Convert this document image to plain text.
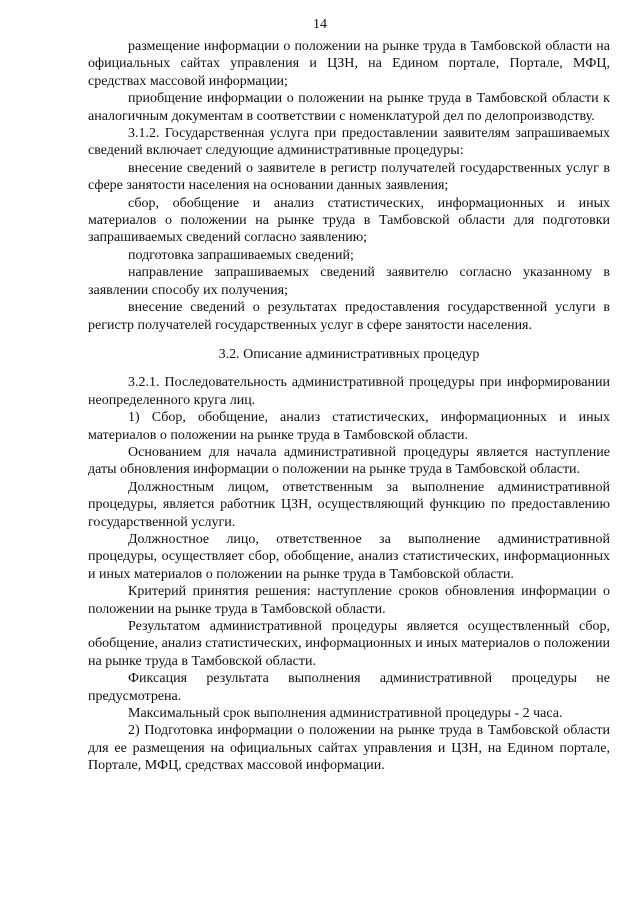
14

размещение информации о положении на рынке труда в Тамбовской области на официальных сайтах управления и ЦЗН, на Едином портале, Портале, МФЦ, средствах массовой информации;

приобщение информации о положении на рынке труда в Тамбовской области к аналогичным документам в соответствии с номенклатурой дел по делопроизводству.

3.1.2. Государственная услуга при предоставлении заявителям запрашиваемых сведений включает следующие административные процедуры:

внесение сведений о заявителе в регистр получателей государственных услуг в сфере занятости населения на основании данных заявления;

сбор, обобщение и анализ статистических, информационных и иных материалов о положении на рынке труда в Тамбовской области для подготовки запрашиваемых сведений согласно заявлению;

подготовка запрашиваемых сведений;

направление запрашиваемых сведений заявителю согласно указанному в заявлении способу их получения;

внесение сведений о результатах предоставления государственной услуги в регистр получателей государственных услуг в сфере занятости населения.

3.2. Описание административных процедур

3.2.1. Последовательность административной процедуры при информировании неопределенного круга лиц.

1) Сбор, обобщение, анализ статистических, информационных и иных материалов о положении на рынке труда в Тамбовской области.

Основанием для начала административной процедуры является наступление даты обновления информации о положении на рынке труда в Тамбовской области.

Должностным лицом, ответственным за выполнение административной процедуры, является работник ЦЗН, осуществляющий функцию по предоставлению государственной услуги.

Должностное лицо, ответственное за выполнение административной процедуры, осуществляет сбор, обобщение, анализ статистических, информационных и иных материалов о положении на рынке труда в Тамбовской области.

Критерий принятия решения: наступление сроков обновления информации о положении на рынке труда в Тамбовской области.

Результатом административной процедуры является осуществленный сбор, обобщение, анализ статистических, информационных и иных материалов о положении на рынке труда в Тамбовской области.

Фиксация результата выполнения административной процедуры не предусмотрена.

Максимальный срок выполнения административной процедуры - 2 часа.

2) Подготовка информации о положении на рынке труда в Тамбовской области для ее размещения на официальных сайтах управления и ЦЗН, на Едином портале, Портале, МФЦ, средствах массовой информации.
